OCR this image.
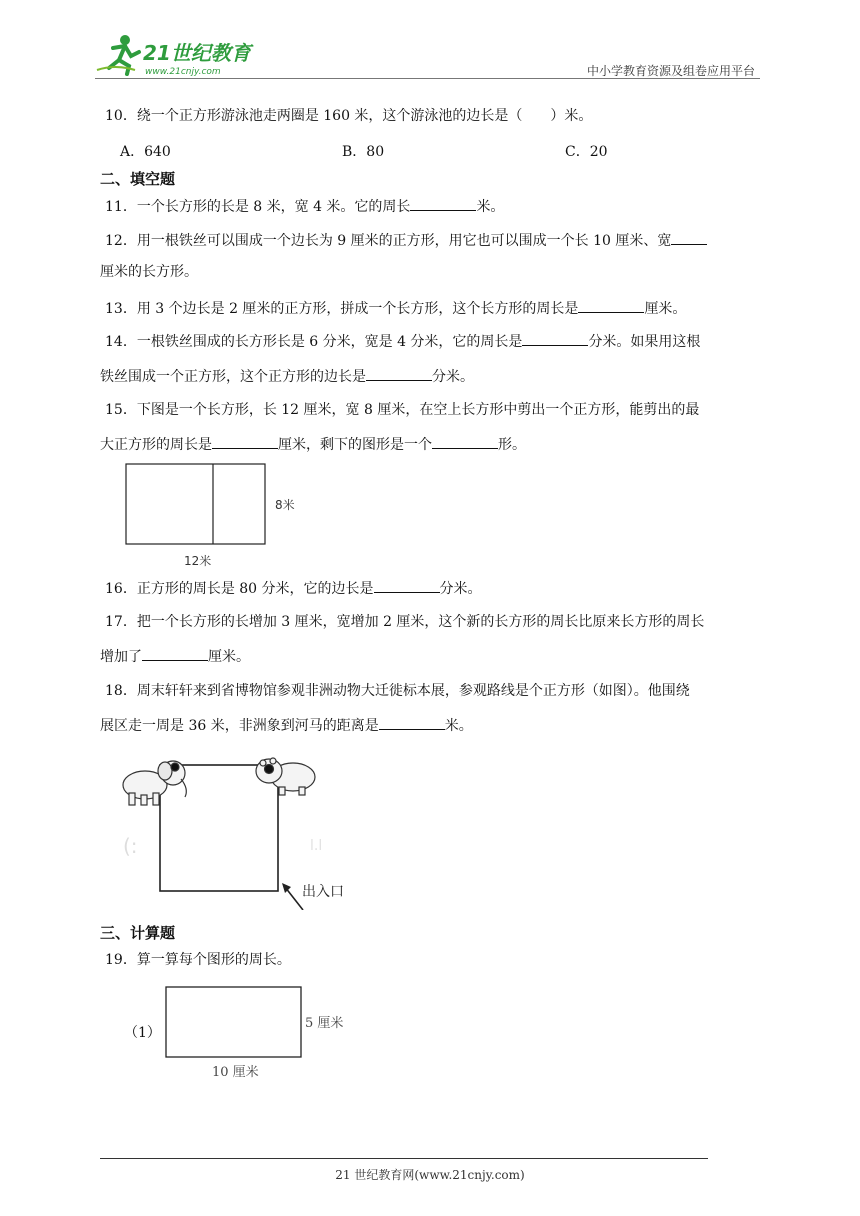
21世纪教育
www.21cnjy.com	中小学教育资源及组卷应用平台
10．绕一个正方形游泳池走两圈是 160 米，这个游泳池的边长是（　　）米。
A．640	B．80	C．20
二、填空题
11．一个长方形的长是 8 米，宽 4 米。它的周长	米。
12．用一根铁丝可以围成一个边长为 9 厘米的正方形，用它也可以围成一个长 10 厘米、宽
厘米的长方形。
13．用 3 个边长是 2 厘米的正方形，拼成一个长方形，这个长方形的周长是	厘米。
14．一根铁丝围成的长方形长是 6 分米，宽是 4 分米，它的周长是	分米。如果用这根
铁丝围成一个正方形，这个正方形的边长是	分米。
15．下图是一个长方形，长 12 厘米，宽 8 厘米，在空上长方形中剪出一个正方形，能剪出的最
大正方形的周长是	厘米，剩下的图形是一个	形。
8米
12米
16．正方形的周长是 80 分米，它的边长是	分米。
17．把一个长方形的长增加 3 厘米，宽增加 2 厘米，这个新的长方形的周长比原来长方形的周长
增加了	厘米。
18．周末轩轩来到省博物馆参观非洲动物大迁徙标本展，参观路线是个正方形（如图）。他围绕
展区走一周是 36 米，非洲象到河马的距离是	米。
(:	l.l
出入口
三、计算题
19．算一算每个图形的周长。
（1）
5 厘米
10 厘米
21 世纪教育网(www.21cnjy.com)
